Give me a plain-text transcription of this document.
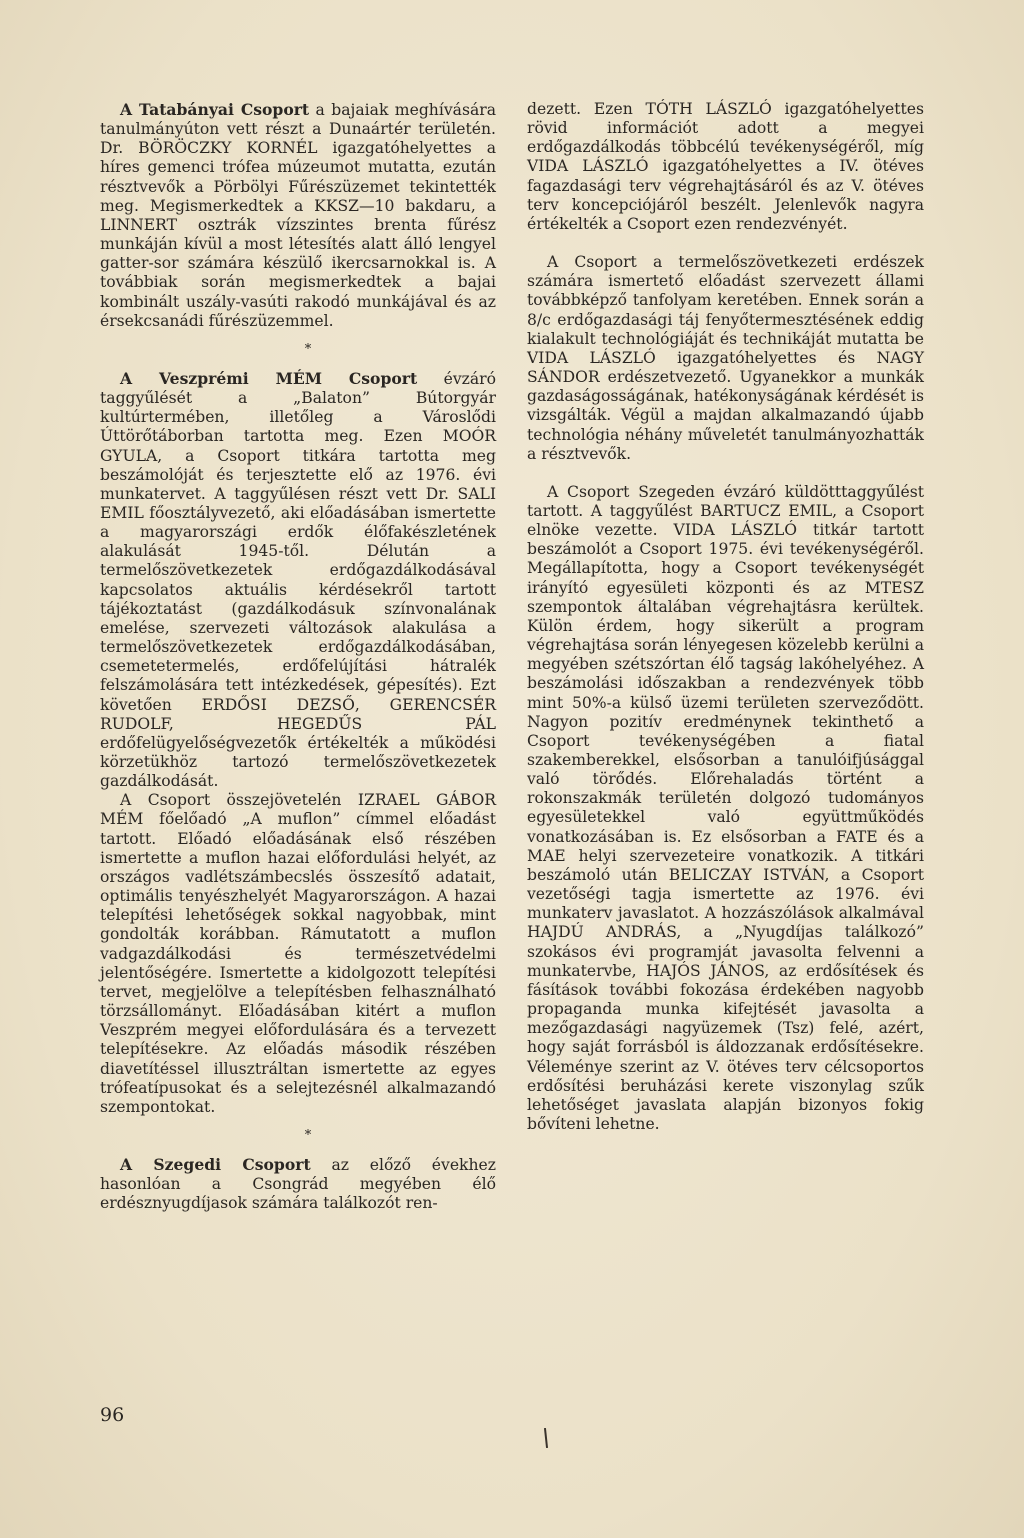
A Tatabányai Csoport a bajaiak meghívására tanulmányúton vett részt a Dunaártér területén. Dr. BÖRÖCZKY KORNÉL igazgatóhelyettes a híres gemenci trófea múzeumot mutatta, ezután résztvevők a Pörbölyi Fűrészüzemet tekintették meg. Megismerkedtek a KKSZ—10 bakdaru, a LINNERT osztrák vízszintes brenta fűrész munkáján kívül a most létesítés alatt álló lengyel gatter-sor számára készülő ikercsarnokkal is. A továbbiak során megismerkedtek a bajai kombinált uszály-vasúti rakodó munkájával és az érsekcsanádi fűrészüzemmel.

*

A Veszprémi MÉM Csoport évzáró taggyűlését a „Balaton” Bútorgyár kultúrtermében, illetőleg a Városlődi Úttörőtáborban tartotta meg. Ezen MOÓR GYULA, a Csoport titkára tartotta meg beszámolóját és terjesztette elő az 1976. évi munkatervet. A taggyűlésen részt vett Dr. SALI EMIL főosztályvezető, aki előadásában ismertette a magyarországi erdők élőfakészletének alakulását 1945-től. Délután a termelőszövetkezetek erdőgazdálkodásával kapcsolatos aktuális kérdésekről tartott tájékoztatást (gazdálkodásuk színvonalának emelése, szervezeti változások alakulása a termelőszövetkezetek erdőgazdálkodásában, csemetetermelés, erdőfelújítási hátralék felszámolására tett intézkedések, gépesítés). Ezt követően ERDŐSI DEZSŐ, GERENCSÉR RUDOLF, HEGEDŰS PÁL erdőfelügyelőségvezetők értékelték a működési körzetükhöz tartozó termelőszövetkezetek gazdálkodását.

A Csoport összejövetelén IZRAEL GÁBOR MÉM főelőadó „A muflon” címmel előadást tartott. Előadó előadásának első részében ismertette a muflon hazai előfordulási helyét, az országos vadlétszámbecslés összesítő adatait, optimális tenyészhelyét Magyarországon. A hazai telepítési lehetőségek sokkal nagyobbak, mint gondolták korábban. Rámutatott a muflon vadgazdálkodási és természetvédelmi jelentőségére. Ismertette a kidolgozott telepítési tervet, megjelölve a telepítésben felhasználható törzsállományt. Előadásában kitért a muflon Veszprém megyei előfordulására és a tervezett telepítésekre. Az előadás második részében diavetítéssel illusztráltan ismertette az egyes trófeatípusokat és a selejtezésnél alkalmazandó szempontokat.

*

A Szegedi Csoport az előző évekhez hasonlóan a Csongrád megyében élő erdésznyugdíjasok számára találkozót ren-

dezett. Ezen TÓTH LÁSZLÓ igazgatóhelyettes rövid információt adott a megyei erdőgazdálkodás többcélú tevékenységéről, míg VIDA LÁSZLÓ igazgatóhelyettes a IV. ötéves fagazdasági terv végrehajtásáról és az V. ötéves terv koncepciójáról beszélt. Jelenlevők nagyra értékelték a Csoport ezen rendezvényét.

A Csoport a termelőszövetkezeti erdészek számára ismertető előadást szervezett állami továbbképző tanfolyam keretében. Ennek során a 8/c erdőgazdasági táj fenyőtermesztésének eddig kialakult technológiáját és technikáját mutatta be VIDA LÁSZLÓ igazgatóhelyettes és NAGY SÁNDOR erdészetvezető. Ugyanekkor a munkák gazdaságosságának, hatékonyságának kérdését is vizsgálták. Végül a majdan alkalmazandó újabb technológia néhány műveletét tanulmányozhatták a résztvevők.

A Csoport Szegeden évzáró küldötttaggyűlést tartott. A taggyűlést BARTUCZ EMIL, a Csoport elnöke vezette. VIDA LÁSZLÓ titkár tartott beszámolót a Csoport 1975. évi tevékenységéről. Megállapította, hogy a Csoport tevékenységét irányító egyesületi központi és az MTESZ szempontok általában végrehajtásra kerültek. Külön érdem, hogy sikerült a program végrehajtása során lényegesen közelebb kerülni a megyében szétszórtan élő tagság lakóhelyéhez. A beszámolási időszakban a rendezvények több mint 50%-a külső üzemi területen szerveződött. Nagyon pozitív eredménynek tekinthető a Csoport tevékenységében a fiatal szakemberekkel, elsősorban a tanulóifjúsággal való törődés. Előrehaladás történt a rokonszakmák területén dolgozó tudományos egyesületekkel való együttműködés vonatkozásában is. Ez elsősorban a FATE és a MAE helyi szervezeteire vonatkozik. A titkári beszámoló után BELICZAY ISTVÁN, a Csoport vezetőségi tagja ismertette az 1976. évi munkaterv javaslatot. A hozzászólások alkalmával HAJDÚ ANDRÁS, a „Nyugdíjas találkozó” szokásos évi programját javasolta felvenni a munkatervbe, HAJÓS JÁNOS, az erdősítések és fásítások további fokozása érdekében nagyobb propaganda munka kifejtését javasolta a mezőgazdasági nagyüzemek (Tsz) felé, azért, hogy saját forrásból is áldozzanak erdősítésekre. Véleménye szerint az V. ötéves terv célcsoportos erdősítési beruházási kerete viszonylag szűk lehetőséget javaslata alapján bizonyos fokig bővíteni lehetne.

96
